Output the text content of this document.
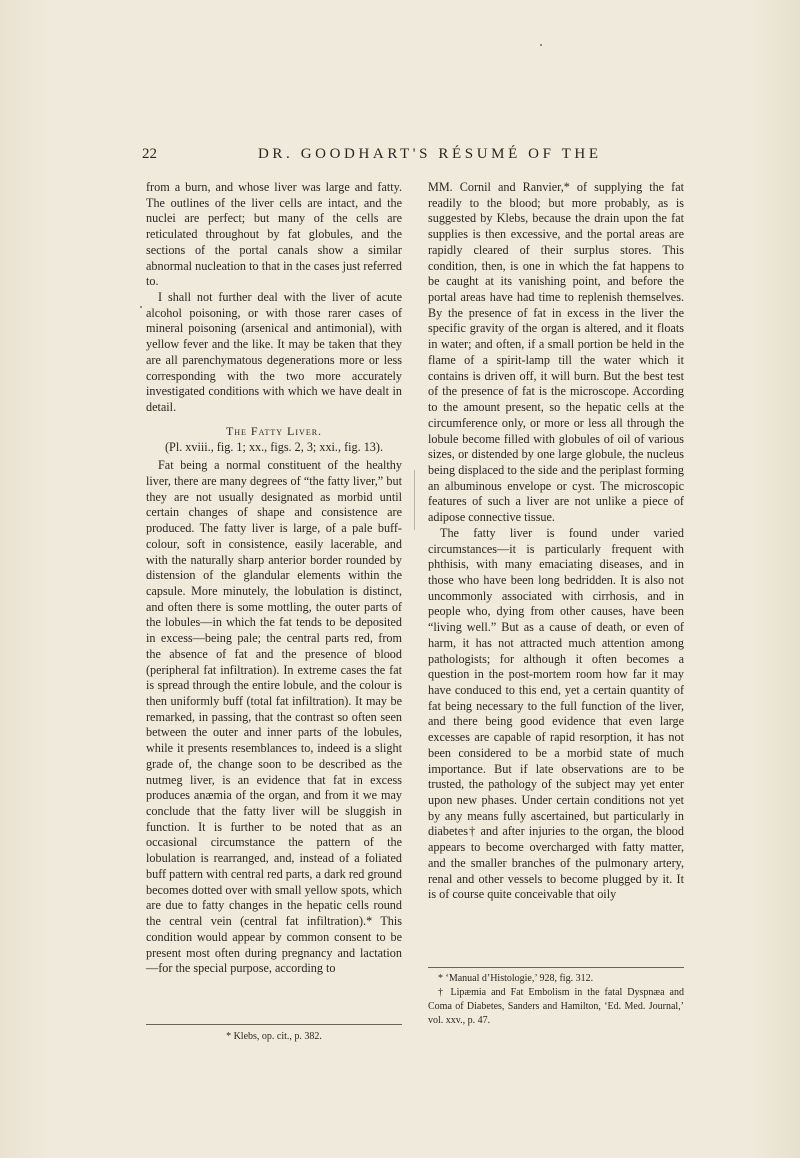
22	DR. GOODHART'S RÉSUMÉ OF THE

from a burn, and whose liver was large and fatty. The outlines of the liver cells are intact, and the nuclei are perfect; but many of the cells are reticulated throughout by fat globules, and the sections of the portal canals show a similar abnormal nucleation to that in the cases just referred to.

I shall not further deal with the liver of acute alcohol poisoning, or with those rarer cases of mineral poisoning (arsenical and antimonial), with yellow fever and the like. It may be taken that they are all parenchymatous degenerations more or less corresponding with the two more accurately investigated conditions with which we have dealt in detail.

The Fatty Liver.
(Pl. xviii., fig. 1; xx., figs. 2, 3; xxi., fig. 13).

Fat being a normal constituent of the healthy liver, there are many degrees of “the fatty liver,” but they are not usually designated as morbid until certain changes of shape and consistence are produced. The fatty liver is large, of a pale buff-colour, soft in consistence, easily lacerable, and with the naturally sharp anterior border rounded by distension of the glandular elements within the capsule. More minutely, the lobulation is distinct, and often there is some mottling, the outer parts of the lobules—in which the fat tends to be deposited in excess—being pale; the central parts red, from the absence of fat and the presence of blood (peripheral fat infiltration). In extreme cases the fat is spread through the entire lobule, and the colour is then uniformly buff (total fat infiltration). It may be remarked, in passing, that the contrast so often seen between the outer and inner parts of the lobules, while it presents resemblances to, indeed is a slight grade of, the change soon to be described as the nutmeg liver, is an evidence that fat in excess produces anæmia of the organ, and from it we may conclude that the fatty liver will be sluggish in function. It is further to be noted that as an occasional circumstance the pattern of the lobulation is rearranged, and, instead of a foliated buff pattern with central red parts, a dark red ground becomes dotted over with small yellow spots, which are due to fatty changes in the hepatic cells round the central vein (central fat infiltration).* This condition would appear by common consent to be present most often during pregnancy and lactation—for the special purpose, according to

* Klebs, op. cit., p. 382.

MM. Cornil and Ranvier,* of supplying the fat readily to the blood; but more probably, as is suggested by Klebs, because the drain upon the fat supplies is then excessive, and the portal areas are rapidly cleared of their surplus stores. This condition, then, is one in which the fat happens to be caught at its vanishing point, and before the portal areas have had time to replenish themselves. By the presence of fat in excess in the liver the specific gravity of the organ is altered, and it floats in water; and often, if a small portion be held in the flame of a spirit-lamp till the water which it contains is driven off, it will burn. But the best test of the presence of fat is the microscope. According to the amount present, so the hepatic cells at the circumference only, or more or less all through the lobule become filled with globules of oil of various sizes, or distended by one large globule, the nucleus being displaced to the side and the periplast forming an albuminous envelope or cyst. The microscopic features of such a liver are not unlike a piece of adipose connective tissue.

The fatty liver is found under varied circumstances—it is particularly frequent with phthisis, with many emaciating diseases, and in those who have been long bedridden. It is also not uncommonly associated with cirrhosis, and in people who, dying from other causes, have been “living well.” But as a cause of death, or even of harm, it has not attracted much attention among pathologists; for although it often becomes a question in the post-mortem room how far it may have conduced to this end, yet a certain quantity of fat being necessary to the full function of the liver, and there being good evidence that even large excesses are capable of rapid resorption, it has not been considered to be a morbid state of much importance. But if late observations are to be trusted, the pathology of the subject may yet enter upon new phases. Under certain conditions not yet by any means fully ascertained, but particularly in diabetes† and after injuries to the organ, the blood appears to become overcharged with fatty matter, and the smaller branches of the pulmonary artery, renal and other vessels to become plugged by it. It is of course quite conceivable that oily

* ‘Manual d’Histologie,’ 928, fig. 312.
† Lipæmia and Fat Embolism in the fatal Dyspnæa and Coma of Diabetes, Sanders and Hamilton, ‘Ed. Med. Journal,’ vol. xxv., p. 47.
